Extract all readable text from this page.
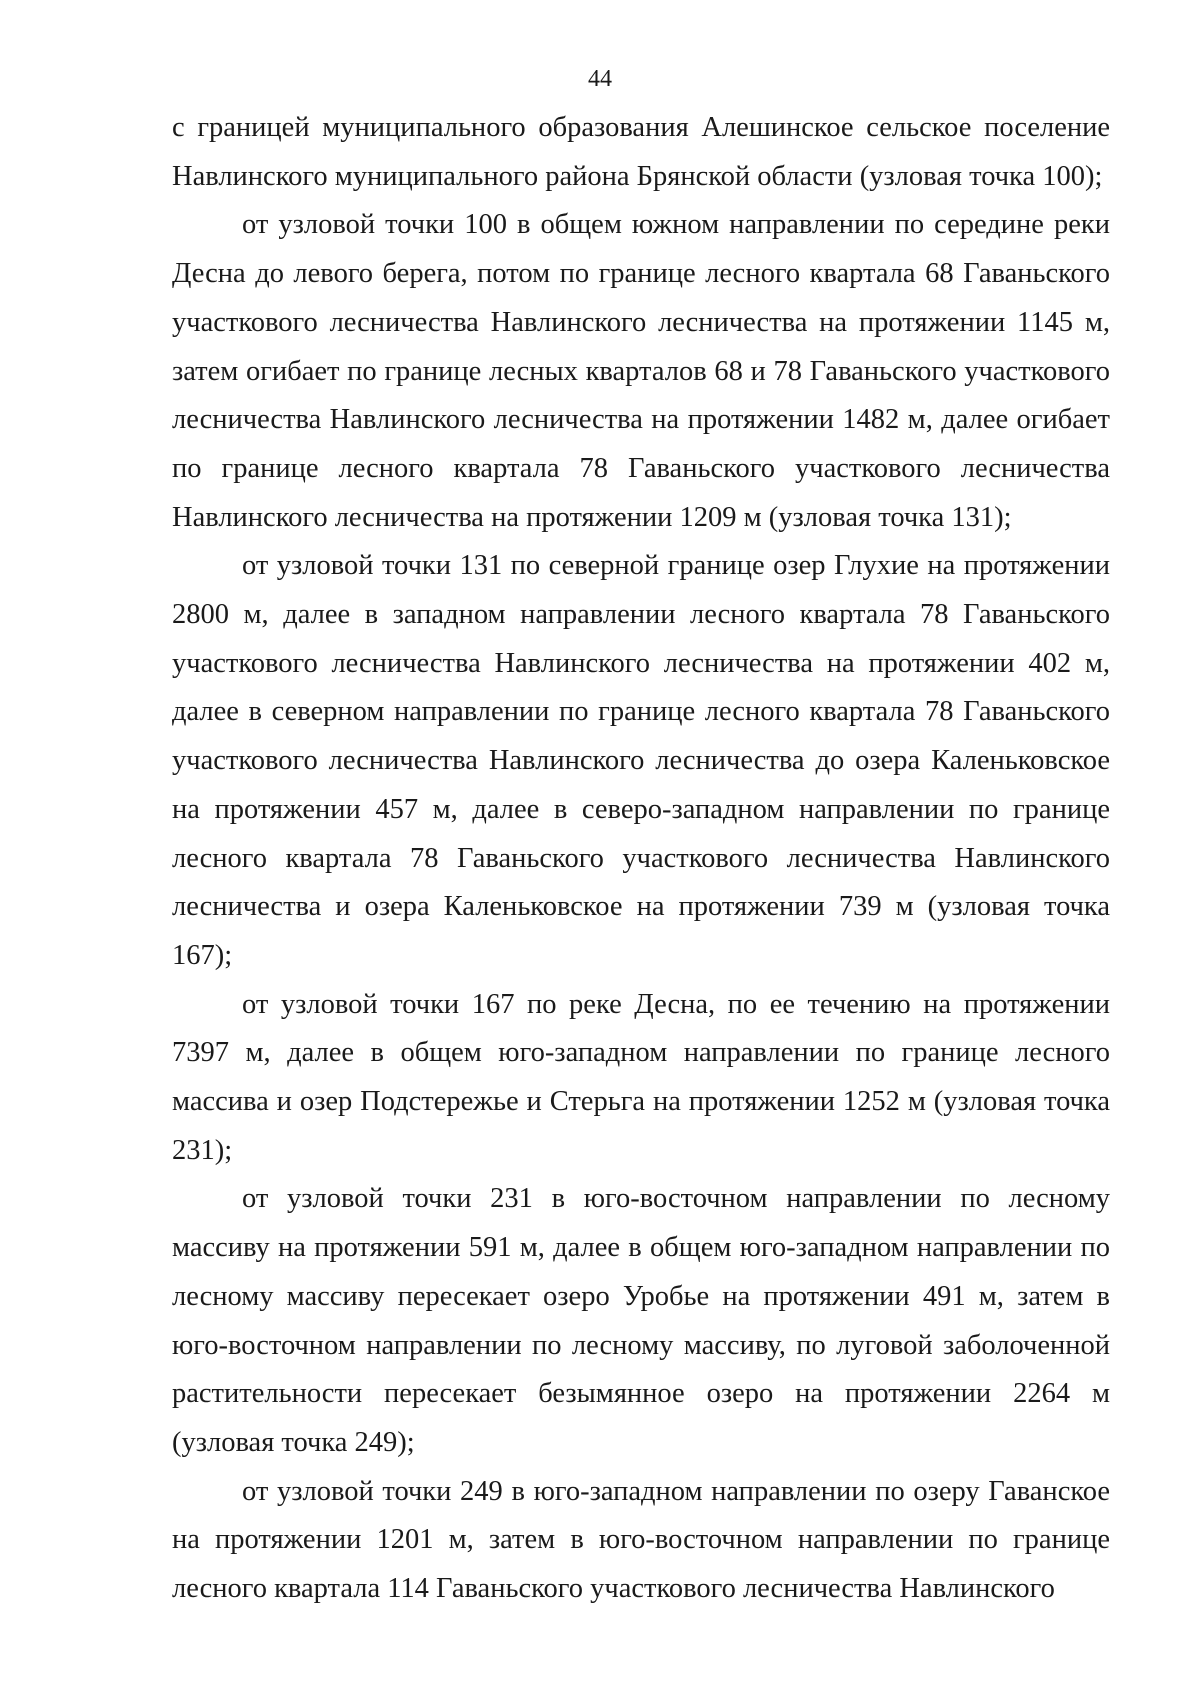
44

с границей муниципального образования Алешинское сельское поселение Навлинского муниципального района Брянской области (узловая точка 100);

от узловой точки 100 в общем южном направлении по середине реки Десна до левого берега, потом по границе лесного квартала 68 Гаваньского участкового лесничества Навлинского лесничества на протяжении 1145 м, затем огибает по границе лесных кварталов 68 и 78 Гаваньского участкового лесничества Навлинского лесничества на протяжении 1482 м, далее огибает по границе лесного квартала 78 Гаваньского участкового лесничества Навлинского лесничества на протяжении 1209 м (узловая точка 131);

от узловой точки 131 по северной границе озер Глухие на протяжении 2800 м, далее в западном направлении лесного квартала 78 Гаваньского участкового лесничества Навлинского лесничества на протяжении 402 м, далее в северном направлении по границе лесного квартала 78 Гаваньского участкового лесничества Навлинского лесничества до озера Каленьковское на протяжении 457 м, далее в северо-западном направлении по границе лесного квартала 78 Гаваньского участкового лесничества Навлинского лесничества и озера Каленьковское на протяжении 739 м (узловая точка 167);

от узловой точки 167 по реке Десна, по ее течению на протяжении 7397 м, далее в общем юго-западном направлении по границе лесного массива и озер Подстережье и Стерьга на протяжении 1252 м (узловая точка 231);

от узловой точки 231 в юго-восточном направлении по лесному массиву на протяжении 591 м, далее в общем юго-западном направлении по лесному массиву пересекает озеро Уробье на протяжении 491 м, затем в юго-восточном направлении по лесному массиву, по луговой заболоченной растительности пересекает безымянное озеро на протяжении 2264 м (узловая точка 249);

от узловой точки 249 в юго-западном направлении по озеру Гаванское на протяжении 1201 м, затем в юго-восточном направлении по границе лесного квартала 114 Гаваньского участкового лесничества Навлинского
